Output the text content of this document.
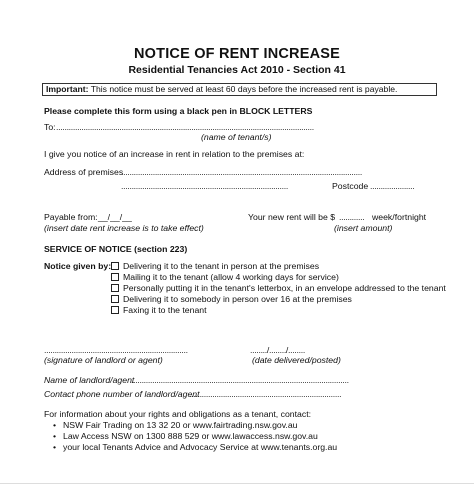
NOTICE OF RENT INCREASE
Residential Tenancies Act 2010 - Section 41
Important: This notice must be served at least 60 days before the increased rent is payable.
Please complete this form using a black pen in BLOCK LETTERS
To: ..........................................................................................................................
(name of tenant/s)
I give you notice of an increase in rent in relation to the premises at:
Address of premises
..................................................................................................................
...............................................................................	Postcode .....................
Payable from: __/__/__
(insert date rent increase is to take effect)
Your new rent will be $ ............ week/fortnight
(insert amount)
SERVICE OF NOTICE (section 223)
Notice given by:	Delivering it to the tenant in person at the premises
Mailing it to the tenant (allow 4 working days for service)
Personally putting it in the tenant's letterbox, in an envelope addressed to the tenant
Delivering it to somebody in person over 16 at the premises
Faxing it to the tenant
....................................................................
(signature of landlord or agent)
......../......../........
(date delivered/posted)
Name of landlord/agent
.......................................................................................................
Contact phone number of landlord/agent
........................................................................
For information about your rights and obligations as a tenant, contact:
• NSW Fair Trading on 13 32 20 or www.fairtrading.nsw.gov.au
• Law Access NSW on 1300 888 529 or www.lawaccess.nsw.gov.au
• your local Tenants Advice and Advocacy Service at www.tenants.org.au
